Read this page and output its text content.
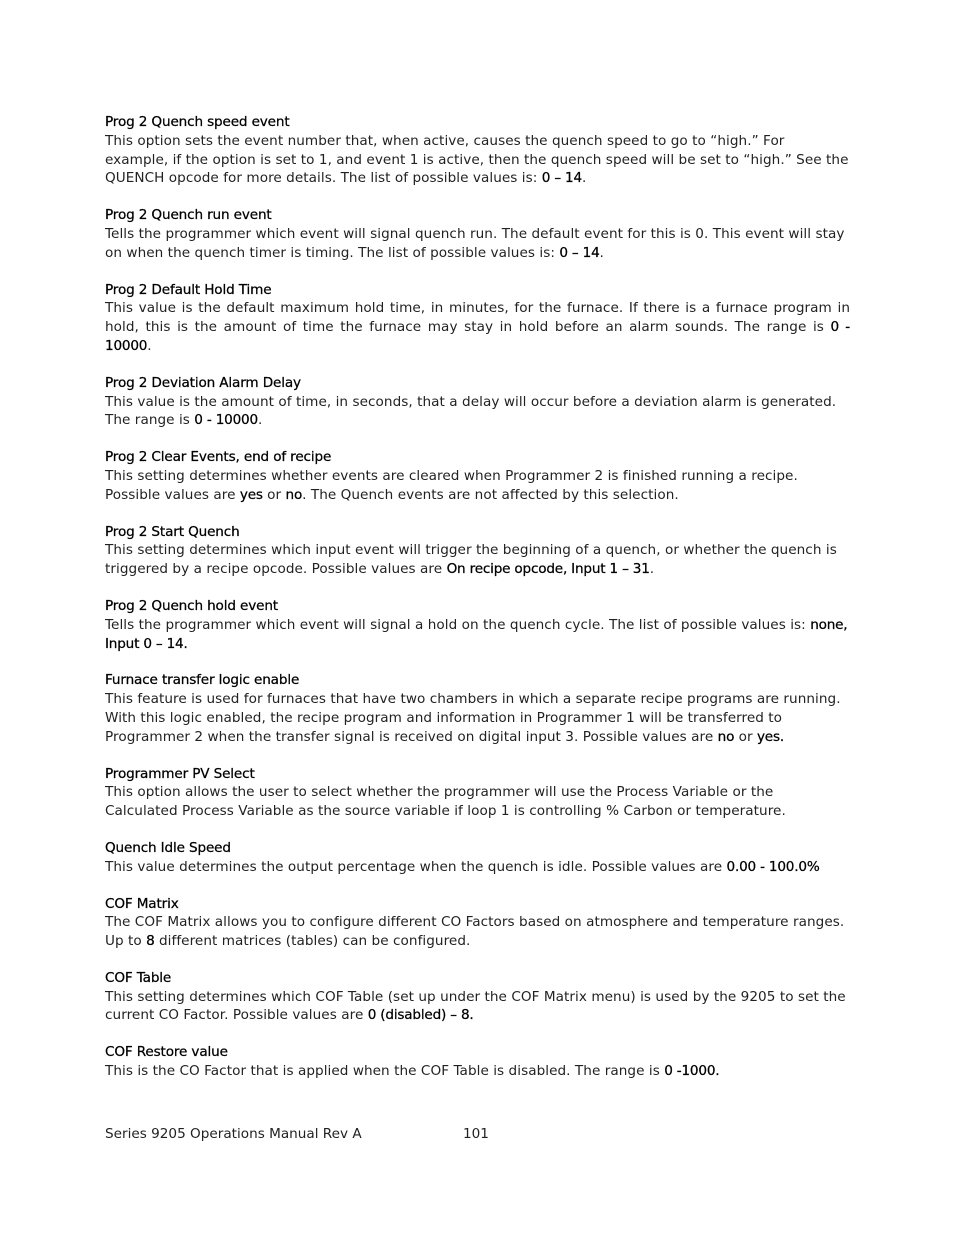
Prog 2 Quench speed event
This option sets the event number that, when active, causes the quench speed to go to “high.” For example, if the option is set to 1, and event 1 is active, then the quench speed will be set to “high.” See the QUENCH opcode for more details. The list of possible values is: 0 – 14.
Prog 2 Quench run event
Tells the programmer which event will signal quench run. The default event for this is 0. This event will stay on when the quench timer is timing. The list of possible values is: 0 – 14.
Prog 2 Default Hold Time
This value is the default maximum hold time, in minutes, for the furnace. If there is a furnace program in hold, this is the amount of time the furnace may stay in hold before an alarm sounds. The range is 0 - 10000.
Prog 2 Deviation Alarm Delay
This value is the amount of time, in seconds, that a delay will occur before a deviation alarm is generated. The range is 0 - 10000.
Prog 2 Clear Events, end of recipe
This setting determines whether events are cleared when Programmer 2 is finished running a recipe. Possible values are yes or no. The Quench events are not affected by this selection.
Prog 2 Start Quench
This setting determines which input event will trigger the beginning of a quench, or whether the quench is triggered by a recipe opcode. Possible values are On recipe opcode, Input 1 – 31.
Prog 2 Quench hold event
Tells the programmer which event will signal a hold on the quench cycle. The list of possible values is: none, Input 0 – 14.
Furnace transfer logic enable
This feature is used for furnaces that have two chambers in which a separate recipe programs are running. With this logic enabled, the recipe program and information in Programmer 1 will be transferred to Programmer 2 when the transfer signal is received on digital input 3. Possible values are no or yes.
Programmer PV Select
This option allows the user to select whether the programmer will use the Process Variable or the Calculated Process Variable as the source variable if loop 1 is controlling % Carbon or temperature.
Quench Idle Speed
This value determines the output percentage when the quench is idle. Possible values are 0.00 - 100.0%
COF Matrix
The COF Matrix allows you to configure different CO Factors based on atmosphere and temperature ranges. Up to 8 different matrices (tables) can be configured.
COF Table
This setting determines which COF Table (set up under the COF Matrix menu) is used by the 9205 to set the current CO Factor. Possible values are 0 (disabled) – 8.
COF Restore value
This is the CO Factor that is applied when the COF Table is disabled. The range is 0 -1000.
Series 9205 Operations Manual Rev A	101
